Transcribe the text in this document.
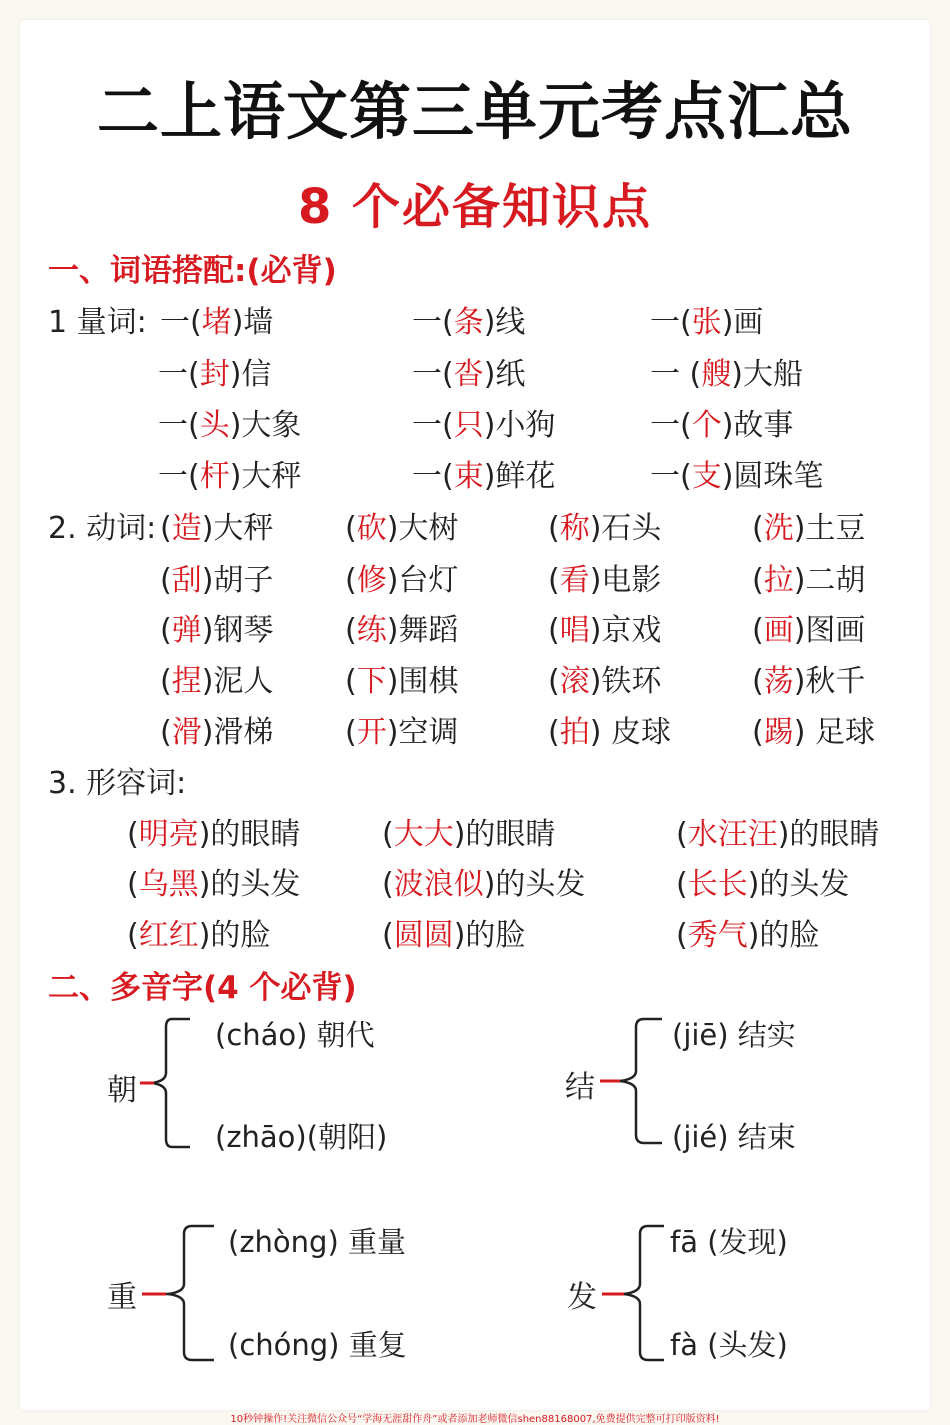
二上语文第三单元考点汇总
8 个必备知识点
一、词语搭配:(必背)
1 量词: 一(堵)墙	一(条)线	一(张)画
一(封)信	一(沓)纸	一 (艘)大船
一(头)大象	一(只)小狗	一(个)故事
一(杆)大秤	一(束)鲜花	一(支)圆珠笔
2. 动词: (造)大秤 (砍)大树	(称)石头	(洗)土豆
(刮)胡子 (修)台灯	(看)电影	(拉)二胡
(弹)钢琴 (练)舞蹈	(唱)京戏	(画)图画
(捏)泥人 (下)围棋	(滚)铁环	(荡)秋千
(滑)滑梯 (开)空调	(拍) 皮球	(踢) 足球
3. 形容词:
(明亮)的眼睛	(大大)的眼睛	(水汪汪)的眼睛
(乌黑)的头发	(波浪似)的头发	(长长)的头发
(红红)的脸	(圆圆)的脸	(秀气)的脸
二、多音字(4 个必背)
朝
(cháo) 朝代
(zhāo)(朝阳)
结
(jiē) 结实
(jié) 结束
重
(zhòng) 重量
(chóng) 重复
发
fā (发现)
fà (头发)
10秒钟操作!关注微信公众号“学海无涯甜作舟”或者添加老师微信shen88168007,免费提供完整可打印版资料!
